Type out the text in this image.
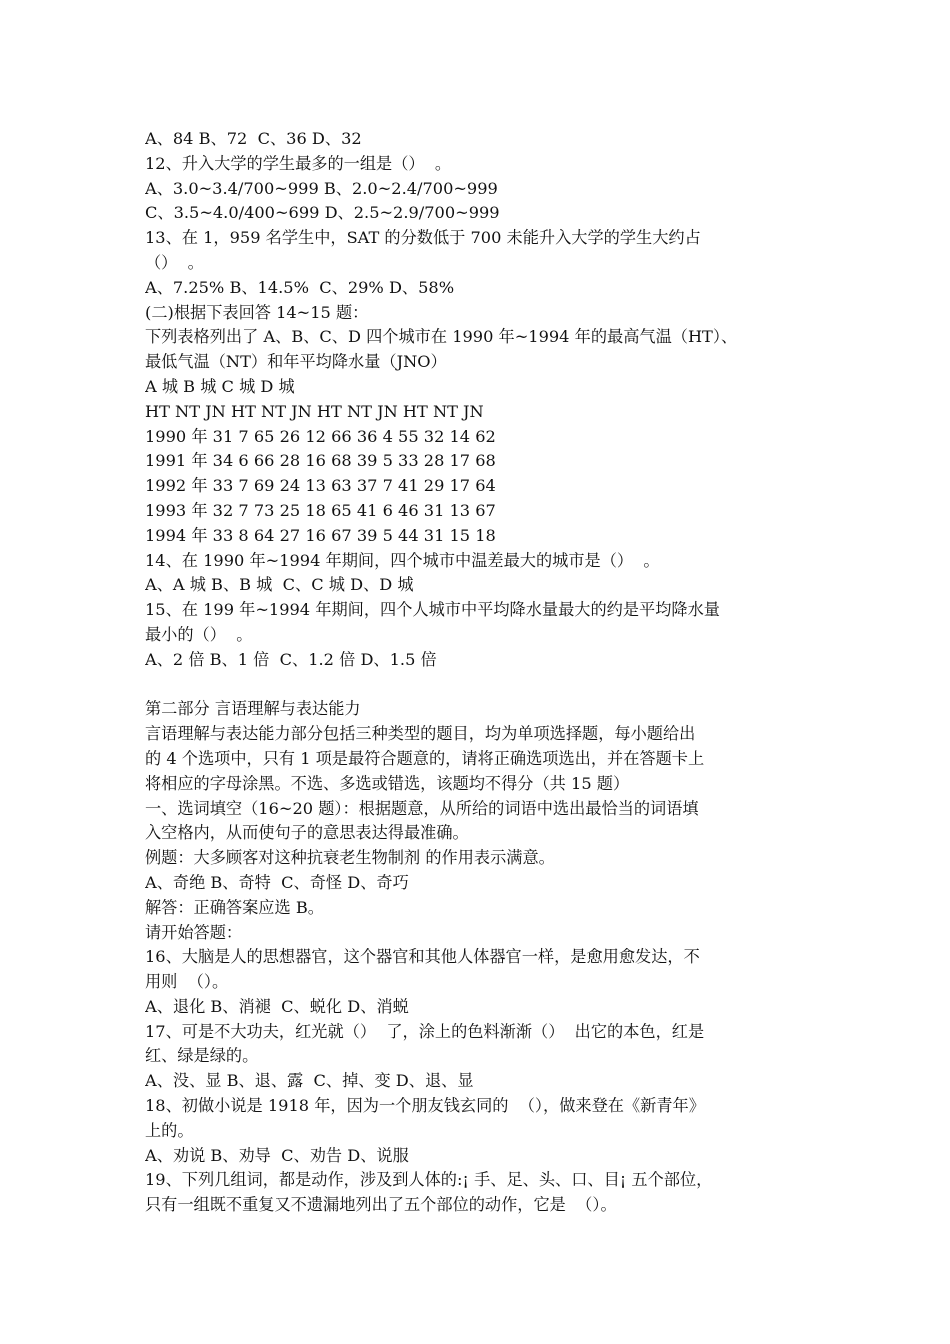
A、84 B、72  C、36 D、32
12、升入大学的学生最多的一组是（）  。
A、3.0~3.4/700~999 B、2.0~2.4/700~999
C、3.5~4.0/400~699 D、2.5~2.9/700~999
13、在 1，959 名学生中，SAT 的分数低于 700 未能升入大学的学生大约占
（）  。
A、7.25% B、14.5%  C、29% D、58%
(二)根据下表回答 14~15 题：
下列表格列出了 A、B、C、D 四个城市在 1990 年~1994 年的最高气温（HT）、
最低气温（NT）和年平均降水量（JNO）
A 城 B 城 C 城 D 城
HT NT JN HT NT JN HT NT JN HT NT JN
1990 年 31 7 65 26 12 66 36 4 55 32 14 62
1991 年 34 6 66 28 16 68 39 5 33 28 17 68
1992 年 33 7 69 24 13 63 37 7 41 29 17 64
1993 年 32 7 73 25 18 65 41 6 46 31 13 67
1994 年 33 8 64 27 16 67 39 5 44 31 15 18
14、在 1990 年~1994 年期间，四个城市中温差最大的城市是（）  。
A、A 城 B、B 城  C、C 城 D、D 城
15、在 199 年~1994 年期间，四个人城市中平均降水量最大的约是平均降水量
最小的（）  。
A、2 倍 B、1 倍  C、1.2 倍 D、1.5 倍
第二部分 言语理解与表达能力
言语理解与表达能力部分包括三种类型的题目，均为单项选择题，每小题给出
的 4 个选项中，只有 1 项是最符合题意的，请将正确选项选出，并在答题卡上
将相应的字母涂黑。不选、多选或错选，该题均不得分（共 15 题）
一、选词填空（16~20 题）：根据题意，从所给的词语中选出最恰当的词语填
入空格内，从而使句子的意思表达得最准确。
例题：大多顾客对这种抗衰老生物制剂 的作用表示满意。
A、奇绝 B、奇特  C、奇怪 D、奇巧
解答：正确答案应选 B。
请开始答题：
16、大脑是人的思想器官，这个器官和其他人体器官一样，是愈用愈发达，不
用则  （）。
A、退化 B、消褪  C、蜕化 D、消蜕
17、可是不大功夫，红光就（）  了，涂上的色料渐渐（）  出它的本色，红是
红、绿是绿的。
A、没、显 B、退、露  C、掉、变 D、退、显
18、初做小说是 1918 年，因为一个朋友钱玄同的  （），做来登在《新青年》
上的。
A、劝说 B、劝导  C、劝告 D、说服
19、下列几组词，都是动作，涉及到人体的:¡ 手、足、头、口、目¡ 五个部位，
只有一组既不重复又不遗漏地列出了五个部位的动作，它是  （）。
